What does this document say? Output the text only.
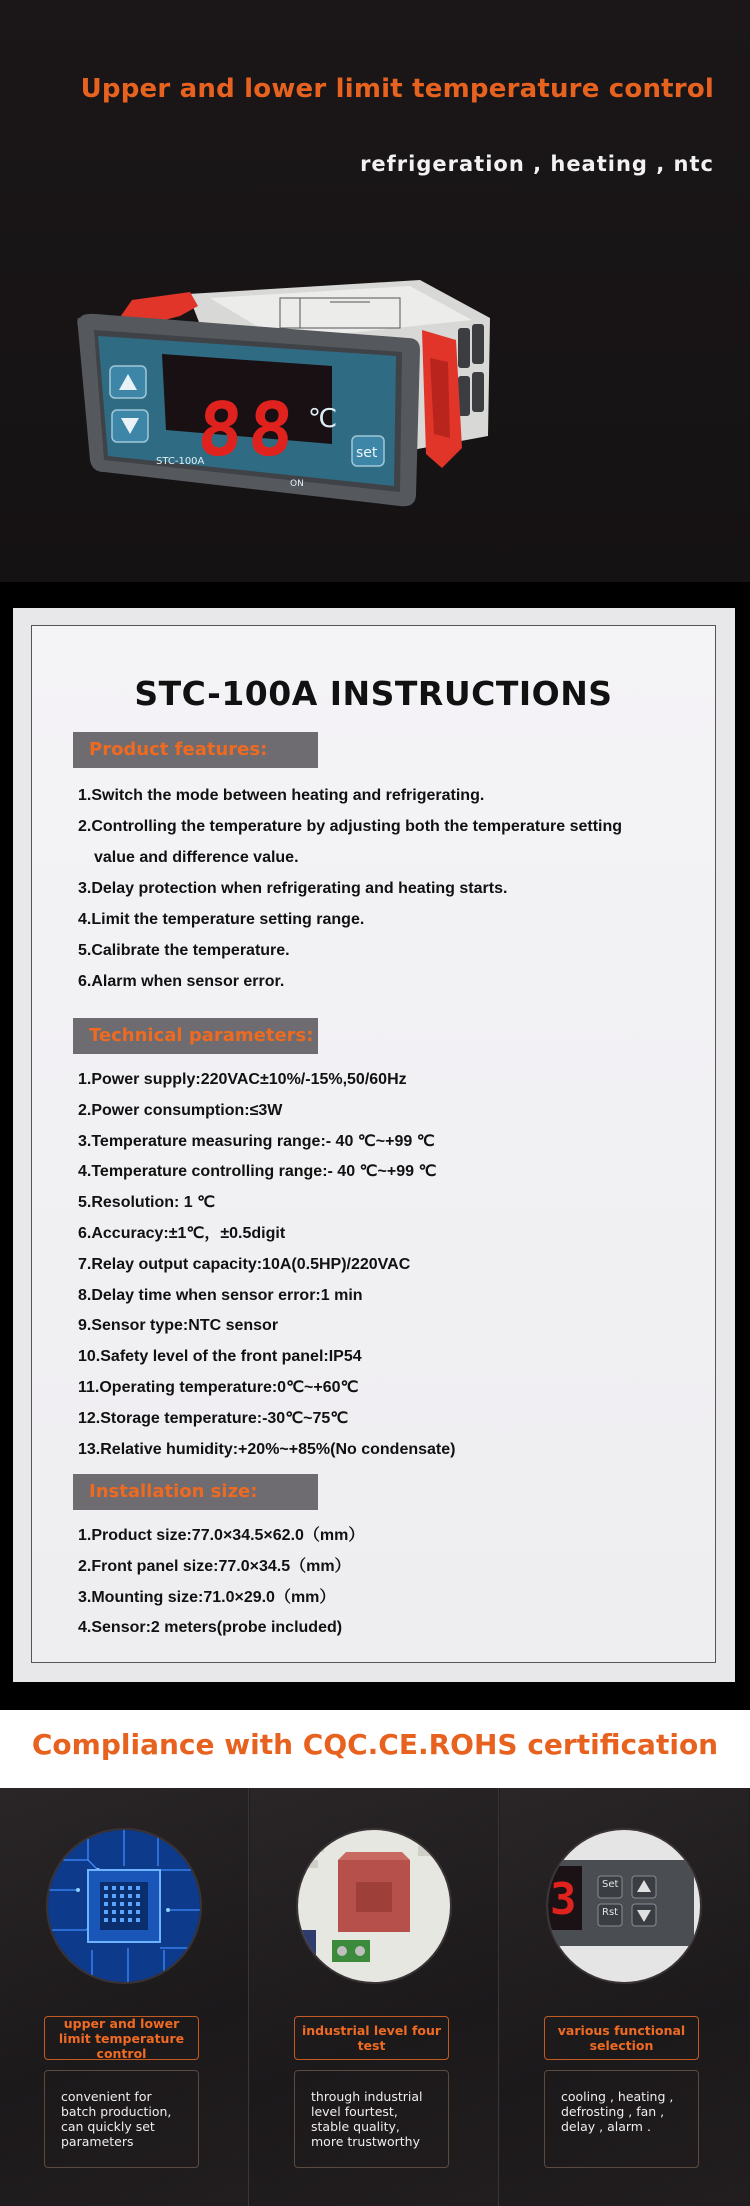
Upper and lower limit temperature control
refrigeration , heating , ntc
88 ℃
STC-100A
ON
set
STC-100A INSTRUCTIONS
Product features:
1.Switch the mode between heating and refrigerating.
2.Controlling the temperature by adjusting both the temperature setting
value and difference value.
3.Delay protection when refrigerating and heating starts.
4.Limit the temperature setting range.
5.Calibrate the temperature.
6.Alarm when sensor error.
Technical parameters:
1.Power supply:220VAC±10%/-15%,50/60Hz
2.Power consumption:≤3W
3.Temperature measuring range:- 40 ℃~+99 ℃
4.Temperature controlling range:- 40 ℃~+99 ℃
5.Resolution: 1 ℃
6.Accuracy:±1℃，±0.5digit
7.Relay output capacity:10A(0.5HP)/220VAC
8.Delay time when sensor error:1 min
9.Sensor type:NTC sensor
10.Safety level of the front panel:IP54
11.Operating temperature:0℃~+60℃
12.Storage temperature:-30℃~75℃
13.Relative humidity:+20%~+85%(No condensate)
Installation size:
1.Product size:77.0×34.5×62.0（mm）
2.Front panel size:77.0×34.5（mm）
3.Mounting size:71.0×29.0（mm）
4.Sensor:2 meters(probe included)
Compliance with CQC.CE.ROHS certification
upper and lower limit temperature control
convenient for batch production, can quickly set parameters
industrial level four test
through industrial level fourtest, stable quality, more trustworthy
3	Set
Rst
various functional selection
cooling , heating , defrosting , fan , delay , alarm .
